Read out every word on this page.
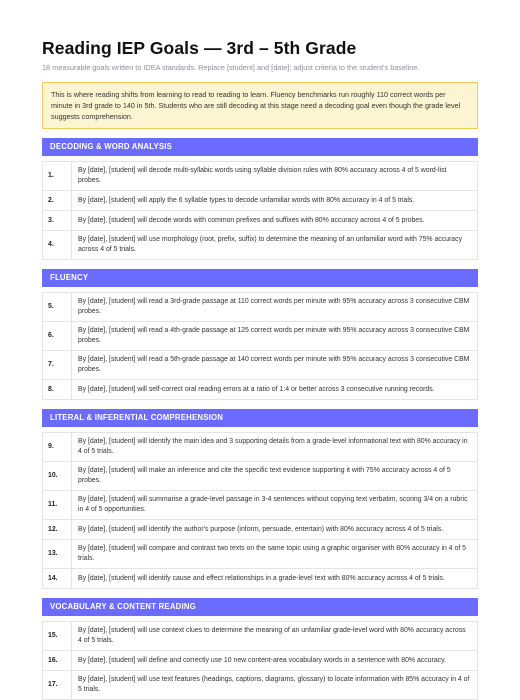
Reading IEP Goals — 3rd – 5th Grade
18 measurable goals written to IDEA standards. Replace [student] and [date]; adjust criteria to the student's baseline.
This is where reading shifts from learning to read to reading to learn. Fluency benchmarks run roughly 110 correct words per minute in 3rd grade to 140 in 5th. Students who are still decoding at this stage need a decoding goal even though the grade level suggests comprehension.
DECODING & WORD ANALYSIS
1.	By [date], [student] will decode multi-syllabic words using syllable division rules with 80% accuracy across 4 of 5 word-list probes.
2.	By [date], [student] will apply the 6 syllable types to decode unfamiliar words with 80% accuracy in 4 of 5 trials.
3.	By [date], [student] will decode words with common prefixes and suffixes with 80% accuracy across 4 of 5 probes.
4.	By [date], [student] will use morphology (root, prefix, suffix) to determine the meaning of an unfamiliar word with 75% accuracy across 4 of 5 trials.
FLUENCY
5.	By [date], [student] will read a 3rd-grade passage at 110 correct words per minute with 95% accuracy across 3 consecutive CBM probes.
6.	By [date], [student] will read a 4th-grade passage at 125 correct words per minute with 95% accuracy across 3 consecutive CBM probes.
7.	By [date], [student] will read a 5th-grade passage at 140 correct words per minute with 95% accuracy across 3 consecutive CBM probes.
8.	By [date], [student] will self-correct oral reading errors at a ratio of 1:4 or better across 3 consecutive running records.
LITERAL & INFERENTIAL COMPREHENSION
9.	By [date], [student] will identify the main idea and 3 supporting details from a grade-level informational text with 80% accuracy in 4 of 5 trials.
10.	By [date], [student] will make an inference and cite the specific text evidence supporting it with 75% accuracy across 4 of 5 probes.
11.	By [date], [student] will summarise a grade-level passage in 3-4 sentences without copying text verbatim, scoring 3/4 on a rubric in 4 of 5 opportunities.
12.	By [date], [student] will identify the author's purpose (inform, persuade, entertain) with 80% accuracy across 4 of 5 trials.
13.	By [date], [student] will compare and contrast two texts on the same topic using a graphic organiser with 80% accuracy in 4 of 5 trials.
14.	By [date], [student] will identify cause and effect relationships in a grade-level text with 80% accuracy across 4 of 5 trials.
VOCABULARY & CONTENT READING
15.	By [date], [student] will use context clues to determine the meaning of an unfamiliar grade-level word with 80% accuracy across 4 of 5 trials.
16.	By [date], [student] will define and correctly use 10 new content-area vocabulary words in a sentence with 80% accuracy.
17.	By [date], [student] will use text features (headings, captions, diagrams, glossary) to locate information with 85% accuracy in 4 of 5 trials.
